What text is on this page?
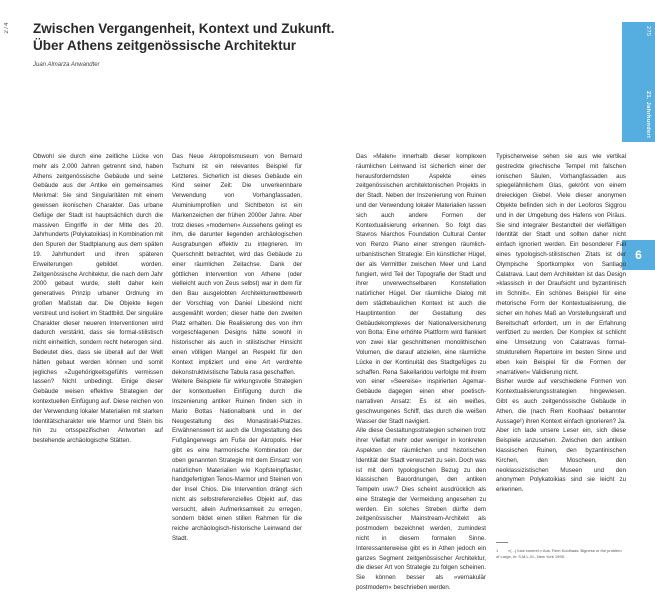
274	Zwischen Vergangenheit, Kontext und Zukunft.
Über Athens zeitgenössische Architektur
Juan Almarza Anwandter
275
21. Jahrhundert
6

Obwohl sie durch eine zeitliche Lücke von mehr als 2.000 Jahren getrennt sind, haben Athens zeitgenössische Gebäude und seine Gebäude aus der Antike ein gemeinsames Merkmal: Sie sind Singularitäten mit einem gewissen ikonischen Charakter. Das urbane Gefüge der Stadt ist hauptsächlich durch die massiven Eingriffe in der Mitte des 20. Jahrhunderts (Polykatoikias) in Kombination mit den Spuren der Stadtplanung aus dem späten 19. Jahrhundert und ihren späteren Erweiterungen gebildet worden. Zeitgenössische Architektur, die nach dem Jahr 2000 gebaut wurde, stellt daher kein generatives Prinzip urbaner Ordnung im großen Maßstab dar. Die Objekte liegen verstreut und isoliert im Stadtbild. Der singuläre Charakter dieser neueren Interventionen wird dadurch verstärkt, dass sie formal-stilistisch nicht einheitlich, sondern recht heterogen sind. Bedeutet dies, dass sie überall auf der Welt hätten gebaut werden können und somit jegliches »Zugehörigkeitsgefühls vermissen lassen? Nicht unbedingt. Einige dieser Gebäude weisen effektive Strategien der kontextuellen Einfügung auf. Diese reichen von der Verwendung lokaler Materialien mit starken Identitätscharakter wie Marmor und Stein bis hin zu ortsspezifischen Antworten auf bestehende archäologische Stätten.

Das Neue Akropolismuseum von Bernard Tschumi ist ein relevantes Beispiel für Letzteres. Sicherlich ist dieses Gebäude ein Kind seiner Zeit: Die unverkennbare Verwendung von Vorhangfassaden, Aluminiumprofilen und Sichtbeton ist ein Markenzeichen der frühen 2000er Jahre. Aber trotz dieses »modernen« Aussehens gelingt es ihm, die darunter liegenden archäologischen Ausgrabungen effektiv zu integrieren. Im Querschnitt betrachtet, wird das Gebäude zu einer räumlichen Zeitachse. Dank der göttlichen Intervention von Athene (oder vielleicht auch von Zeus selbst) war in dem für den Bau ausgelobten Architekturwettbewerb der Vorschlag von Daniel Libeskind nicht ausgewählt worden; dieser hatte den zweiten Platz erhalten. Die Realisierung des von ihm vorgeschlagenen Designs hätte sowohl in historischer als auch in stilistischer Hinsicht einen völligen Mangel an Respekt für den Kontext impliziert und eine Art verdrehte dekonstruktivistische Tabula rasa geschaffen.

Weitere Beispiele für wirkungsvolle Strategien der kontextuellen Einfügung durch die Inszenierung antiker Ruinen finden sich in Mario Bottas Nationalbank und in der Neugestaltung des Monastiraki-Platzes. Erwähnenswert ist auch die Umgestaltung des Fußgängerwegs am Fuße der Akropolis. Hier gibt es eine harmonische Kombination der oben genannten Strategie mit dem Einsatz von natürlichen Materialien wie Kopfsteinpflaster, handgefertigten Tenos-Marmor und Steinen von der Insel Chios. Die Intervention drängt sich nicht als selbstreferenzielles Objekt auf, das versucht, allein Aufmerksamkeit zu erregen, sondern bildet einen stillen Rahmen für die reiche archäologisch-historische Leinwand der Stadt.

Das »Malen« innerhalb dieser komplexen räumlichen Leinwand ist sicherlich einer der herausforderndsten Aspekte eines zeitgenössischen architektonischen Projekts in der Stadt. Neben der Inszenierung von Ruinen und der Verwendung lokaler Materialien lassen sich auch andere Formen der Kontextualisierung erkennen. So folgt das Stavros Niarchos Foundation Cultural Center von Renzo Piano einer strengen räumlich-urbanistischen Strategie: Ein künstlicher Hügel, der als Vermittler zwischen Meer und Land fungiert, wird Teil der Topografie der Stadt und ihrer unverwechselbaren Konstellation natürlicher Hügel. Der räumliche Dialog mit dem städtebaulichen Kontext ist auch die Hauptintention der Gestaltung des Gebäudekomplexes der Nationalversicherung von Botta: Eine erhöhte Plattform wird flankiert von zwei klar geschnittenen monolithischen Volumen, die darauf abzielen, eine räumliche Lücke in der Kontinuität des Stadtgefüges zu schaffen. Rena Sakellaridou verfolgte mit ihrem von einer »Seereise« inspirierten Agemar-Gebäude dagegen einen eher poetisch-narrativen Ansatz: Es ist ein weißes, geschwungenes Schiff, das durch die weißen Wasser der Stadt navigiert.

Alle diese Gestaltungsstrategien scheinen trotz ihrer Vielfalt mehr oder weniger in konkreten Aspekten der räumlichen und historischen Identität der Stadt verwurzelt zu sein. Doch was ist mit dem typologischen Bezug zu den klassischen Bauordnungen, den antiken Tempeln usw.? Dies scheint ausdrücklich als eine Strategie der Vermeidung angesehen zu werden. Ein solches Streben dürfte dem zeitgenössischer Mainstream-Architekt als postmodern bezeichnet werden, zumindest nicht in diesem formalen Sinne. Interessanterweise gibt es in Athen jedoch ein ganzes Segment zeitgenössischer Architektur, die dieser Art von Strategie zu folgen scheinen. Sie können besser als »vernakulär postmodern« beschrieben werden.

Typischerweise sehen sie aus wie vertikal gestreckte griechische Tempel mit falschen ionischen Säulen, Vorhangfassaden aus spiegelähnlichem Glas, gekrönt von einem dreieckigen Giebel. Viele dieser anonymen Objekte befinden sich in der Leoforos Siggrou und in der Umgebung des Hafens von Piräus. Sie sind integraler Bestandteil der vielfältigen Identität der Stadt und sollten daher nicht einfach ignoriert werden. Ein besonderer Fall eines typologisch-stilistischen Zitats ist der Olympische Sportkomplex von Santiago Calatrava. Laut dem Architekten ist das Design »klassisch in der Draufsicht und byzantinisch im Schnitt«. Ein schönes Beispiel für eine rhetorische Form der Kontextualisierung, die sicher ein hohes Maß an Vorstellungskraft und Bereitschaft erfordert, um in der Erfahrung verifiziert zu werden. Der Komplex ist schlicht eine Umsetzung von Calatravas formal-strukturellem Repertoire im besten Sinne und eben kein Beispiel für die Formen der »narrativen« Validierung nicht.

Bisher wurde auf verschiedene Formen von Kontextualisierungsstrategien hingewiesen. Gibt es auch zeitgenössische Gebäude in Athen, die (nach Rem Koolhaas' bekannter Aussage¹) ihren Kontext einfach ignorieren? Ja. Aber ich lade unsere Leser ein, sich diese Beispiele anzusehen. Zwischen den antiken klassischen Ruinen, den byzantinischen Kirchen, den Moscheen, den neoklassizistischen Museen und den anonymen Polykatoikias sind sie leicht zu erkennen.

1 »(...) fuck context.« Aus: Rem Koolhaas: Bigness or the problem of Large, in: S,M,L,XL, New York 1995.
